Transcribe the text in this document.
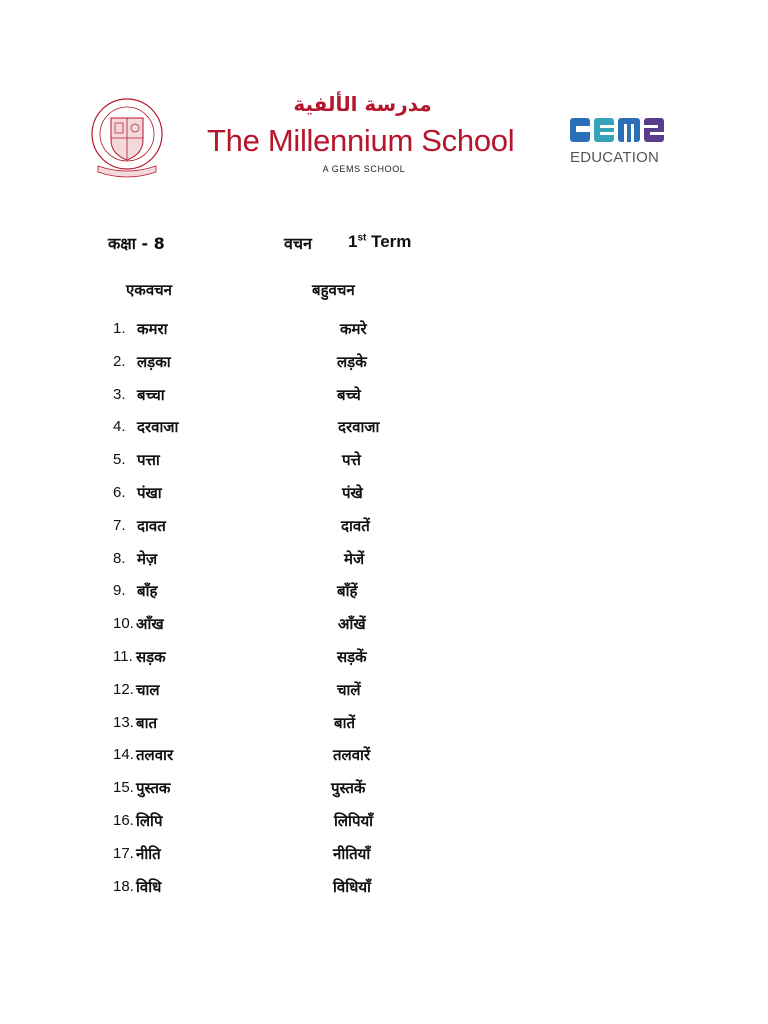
مدرسة الألفية
The Millennium School
A GEMS SCHOOL
EDUCATION
कक्षा - 8	वचन 1st Term
एकवचन	बहुवचन
1. कमरा	कमरे
2. लड़का	लड़के
3. बच्चा	बच्चे
4. दरवाजा	दरवाजा
5. पत्ता	पत्ते
6. पंखा	पंखे
7. दावत	दावतें
8. मेज़	मेजें
9. बाँह	बाँहें
10. आँख	आँखें
11. सड़क	सड़कें
12. चाल	चालें
13. बात	बातें
14. तलवार	तलवारें
15. पुस्तक	पुस्तकें
16. लिपि	लिपियाँ
17. नीति	नीतियाँ
18. विधि	विधियाँ
